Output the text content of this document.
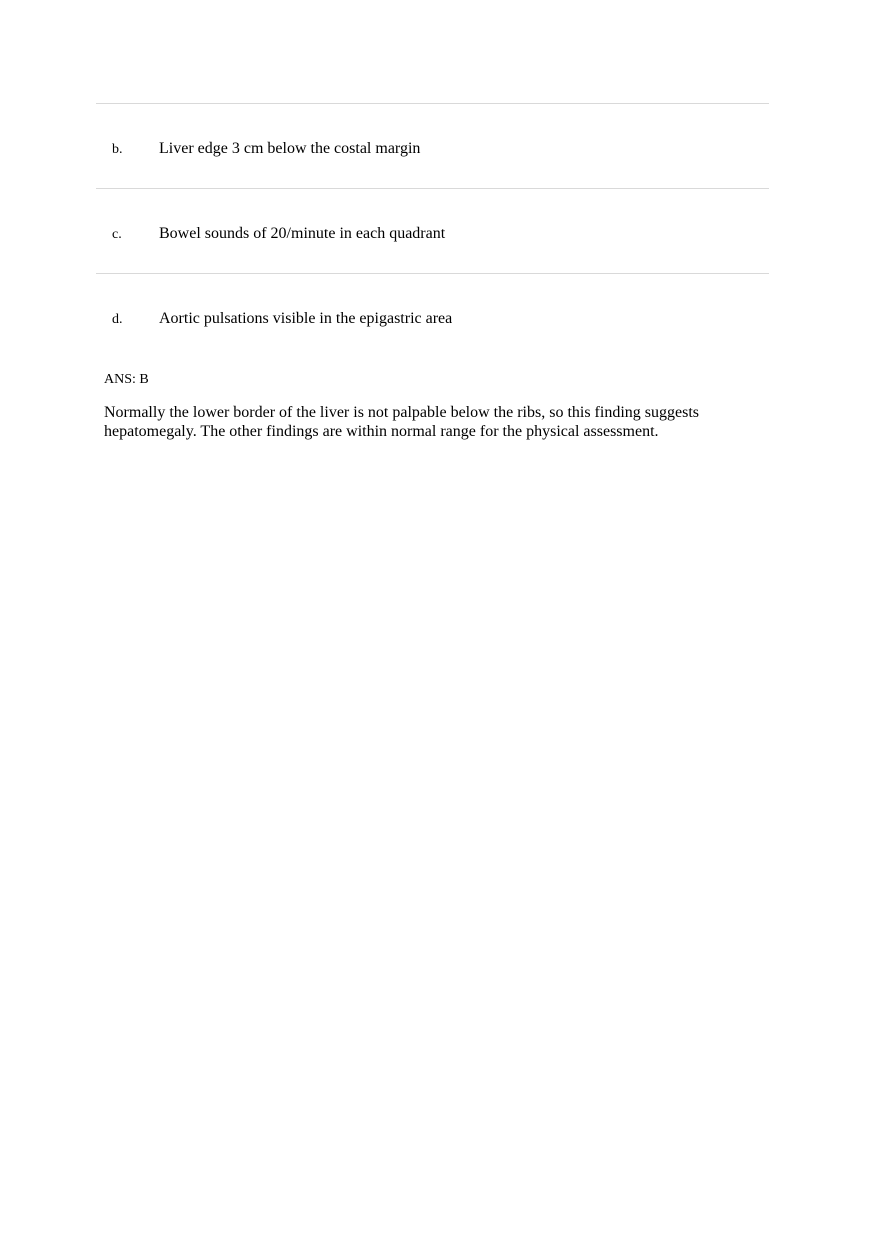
b. Liver edge 3 cm below the costal margin
c. Bowel sounds of 20/minute in each quadrant
d. Aortic pulsations visible in the epigastric area
ANS: B
Normally the lower border of the liver is not palpable below the ribs, so this finding suggests hepatomegaly. The other findings are within normal range for the physical assessment.
